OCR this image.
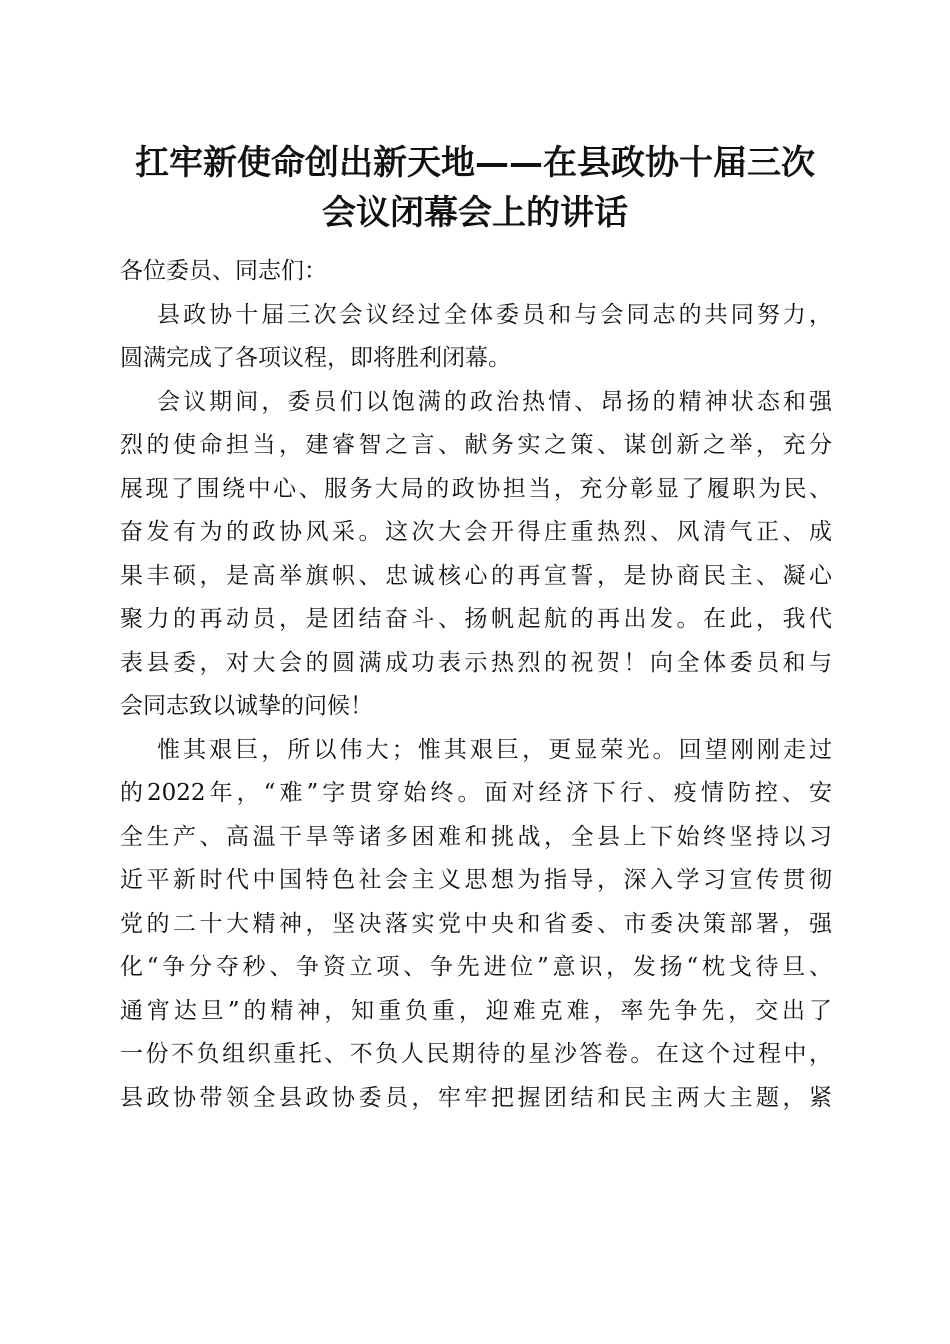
扛牢新使命创出新天地——在县政协十届三次
会议闭幕会上的讲话
各位委员、同志们：
县政协十届三次会议经过全体委员和与会同志的共同努力，
圆满完成了各项议程，即将胜利闭幕。
会议期间，委员们以饱满的政治热情、昂扬的精神状态和强
烈的使命担当，建睿智之言、献务实之策、谋创新之举，充分
展现了围绕中心、服务大局的政协担当，充分彰显了履职为民、
奋发有为的政协风采。这次大会开得庄重热烈、风清气正、成
果丰硕，是高举旗帜、忠诚核心的再宣誓，是协商民主、凝心
聚力的再动员，是团结奋斗、扬帆起航的再出发。在此，我代
表县委，对大会的圆满成功表示热烈的祝贺！向全体委员和与
会同志致以诚挚的问候！
惟其艰巨，所以伟大；惟其艰巨，更显荣光。回望刚刚走过
的2022年，“难”字贯穿始终。面对经济下行、疫情防控、安
全生产、高温干旱等诸多困难和挑战，全县上下始终坚持以习
近平新时代中国特色社会主义思想为指导，深入学习宣传贯彻
党的二十大精神，坚决落实党中央和省委、市委决策部署，强
化“争分夺秒、争资立项、争先进位”意识，发扬“枕戈待旦、
通宵达旦”的精神，知重负重，迎难克难，率先争先，交出了
一份不负组织重托、不负人民期待的星沙答卷。在这个过程中，
县政协带领全县政协委员，牢牢把握团结和民主两大主题，紧
